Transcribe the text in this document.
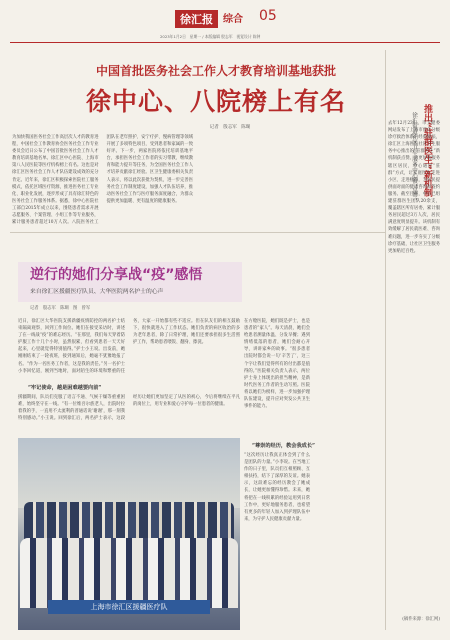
徐汇报	综合 05
2023年1月2日　星期一 / 本版编辑 殷志军　视觉设计 陈钟
中国首批医务社会工作人才教育培训基地获批
徐中心、八院榜上有名
记者　殷志军　陈瑚
为加快我国医务社会工作高层次人才的教育进程，中国社会工作教育协会医务社会工作专业委员会近日公布了中国首批医务社会工作人才教育培训基地名单。徐汇区中心医院、上海市第八人民医院等医疗机构榜上有名。这也是对徐汇区医务社会工作人才队伍建设成效的充分肯定。近年来，徐汇区积极探索医院社工服务模式，依托区域医疗资源，推进医务社工专业化、职业化发展，逐步形成了具有徐汇特色的医务社会工作服务体系。据悉，徐中心医院社工部自2015年成立以来，围绕患者需求开展志愿服务、个案管理、小组工作等专业服务，累计服务患者超过10万人次。八院医务社工团队在老年照护、安宁疗护、慢病管理等领域开展了多项特色项目，受到患者和家属的一致好评。下一步，两家医院将依托培训基地平台，承担医务社会工作者的实习带教、继续教育和能力提升等任务，为全国医务社会工作人才培养贡献徐汇经验。区卫生健康委相关负责人表示，将以此次获批为契机，进一步完善医务社会工作制度建设，加强人才队伍培养，推动医务社会工作与医疗服务深度融合，为群众提供更加温暖、更有温度的健康服务。
推出“驻群医生”新机制
徐汇街道社区卫生服务中心被“点赞”
去年12月23日，市卫健委网站发布了上海市优化分级诊疗救治体系的经验做法，徐汇区上海医院社区卫生服务中心推出的“驻群医生”新机制获点赞。为更好地服务辖区居民，中心通过“驻群”方式，让家庭医生走进小区、走进楼组，为居民提供面对面的健康咨询和签约服务。截至目前，中心已组建驻群医生团队20余支，覆盖辖区所有居委，累计服务居民超过3万人次，居民满意度明显提升。该机制有效缓解了居民就医难、咨询难问题，进一步夯实了分级诊疗基础，让社区卫生服务更加贴近百姓。
(稿件来源：徐汇网)
逆行的她们分享战“疫”感悟
来自徐汇区援疆医疗队员、大华医院两名护士的心声
记者　殷志军　陈瑚　图　曾军
近日，徐汇区大华医院支援新疆疫情防控的两名护士结束隔离观察，回到工作岗位。她们在接受采访时，讲述了在一线战“疫”的难忘经历。“在那里，我们每天穿着防护服工作十几个小时，虽然很累，但看到患者一天天好起来，心里就觉得特别值得。”护士小王说。出发前，她刚刚结束了一轮夜班，接到通知后，她毫不犹豫地报了名。“作为一名医务工作者，这是我的责任。”另一名护士小李回忆道，刚到当地时，面对陌生的环境和繁重的任务，大家一开始都有些不适应。但在队友们的相互鼓励下，很快就进入了工作状态。她们负责的病区收治的多为老年患者，除了日常护理，她们还要承担很多生活照护工作，帮助患者喂饭、翻身、擦洗。
“牢记使命，越是困难越要向前”
援疆期间，队员们克服了语言不通、气候干燥等重重困难，始终坚守在一线。“有一位维吾尔族老人，出院时拉着我的手，一直用不太流利的普通话说‘谢谢’，那一刻我特别感动。”小王说。回到徐汇后，两名护士表示，这段经历让她们更加坚定了从医的初心，今后将继续在平凡的岗位上，用专业和爱心守护每一位患者的健康。
在方舱医院，她们既是护士，也是患者的“家人”。每天清晨，她们会给患者测量体温、分发早餐；遇到情绪低落的患者，她们会耐心开导，讲讲家乡的故事。“很多患者出院时都会说一句‘辛苦了’，这三个字让我们觉得所有的付出都是值得的。”医院相关负责人表示，两位护士身上体现出的担当精神，是新时代医务工作者的生动写照。医院将以她们为榜样，进一步加强护理队伍建设，提升应对突发公共卫生事件的能力。
“尊崇的经历，教会我成长”
“这次经历让我真正体会到了什么是团队的力量。”小李说。在当地工作的日子里，队员们互相照顾、互相扶持，结下了深厚的友谊。她表示，这段难忘的经历教会了她成长，让她更加懂得珍惜。未来，她将把在一线积累的经验运用到日常工作中，更好地服务患者，也希望有更多的年轻人加入到护理队伍中来，为守护人民健康贡献力量。
上海市徐汇区援疆医疗队
